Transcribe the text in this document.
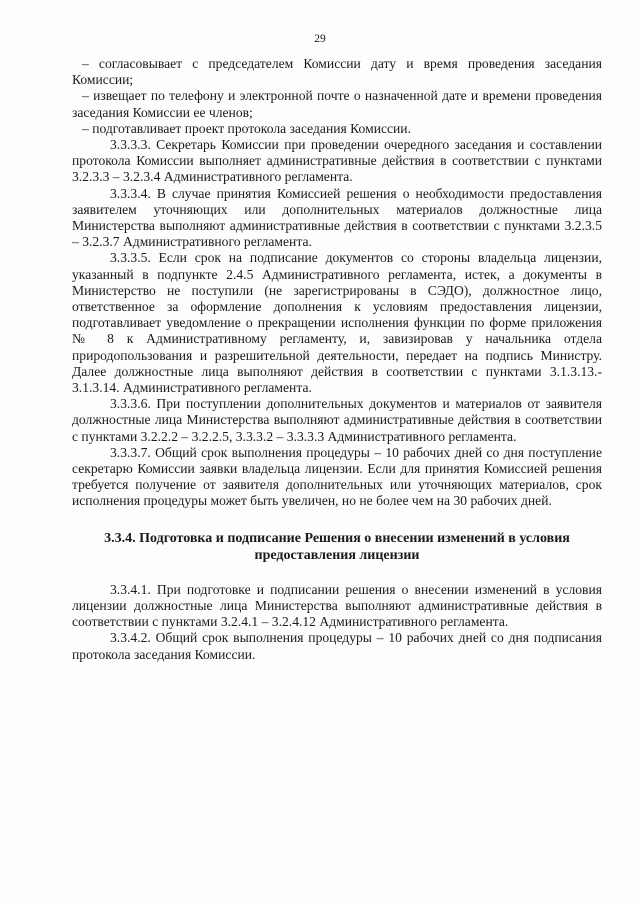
29

– согласовывает с председателем Комиссии дату и время проведения заседания Комиссии;

– извещает по телефону и электронной почте о назначенной дате и времени проведения заседания Комиссии ее членов;

– подготавливает проект протокола заседания Комиссии.

3.3.3.3. Секретарь Комиссии при проведении очередного заседания и составлении протокола Комиссии выполняет административные действия в соответствии с пунктами 3.2.3.3 – 3.2.3.4 Административного регламента.

3.3.3.4. В случае принятия Комиссией решения о необходимости предоставления заявителем уточняющих или дополнительных материалов должностные лица Министерства выполняют административные действия в соответствии с пунктами 3.2.3.5 – 3.2.3.7 Административного регламента.

3.3.3.5. Если срок на подписание документов со стороны владельца лицензии, указанный в подпункте 2.4.5 Административного регламента, истек, а документы в Министерство не поступили (не зарегистрированы в СЭДО), должностное лицо, ответственное за оформление дополнения к условиям предоставления лицензии, подготавливает уведомление о прекращении исполнения функции по форме приложения № 8 к Административному регламенту, и, завизировав у начальника отдела природопользования и разрешительной деятельности, передает на подпись Министру. Далее должностные лица выполняют действия в соответствии с пунктами 3.1.3.13.- 3.1.3.14. Административного регламента.

3.3.3.6. При поступлении дополнительных документов и материалов от заявителя должностные лица Министерства выполняют административные действия в соответствии с пунктами 3.2.2.2 – 3.2.2.5, 3.3.3.2 – 3.3.3.3 Административного регламента.

3.3.3.7. Общий срок выполнения процедуры – 10 рабочих дней со дня поступление секретарю Комиссии заявки владельца лицензии. Если для принятия Комиссией решения требуется получение от заявителя дополнительных или уточняющих материалов, срок исполнения процедуры может быть увеличен, но не более чем на 30 рабочих дней.

3.3.4. Подготовка и подписание Решения о внесении изменений в условия
предоставления лицензии

3.3.4.1. При подготовке и подписании решения о внесении изменений в условия лицензии должностные лица Министерства выполняют административные действия в соответствии с пунктами 3.2.4.1 – 3.2.4.12 Административного регламента.

3.3.4.2. Общий срок выполнения процедуры – 10 рабочих дней со дня подписания протокола заседания Комиссии.
